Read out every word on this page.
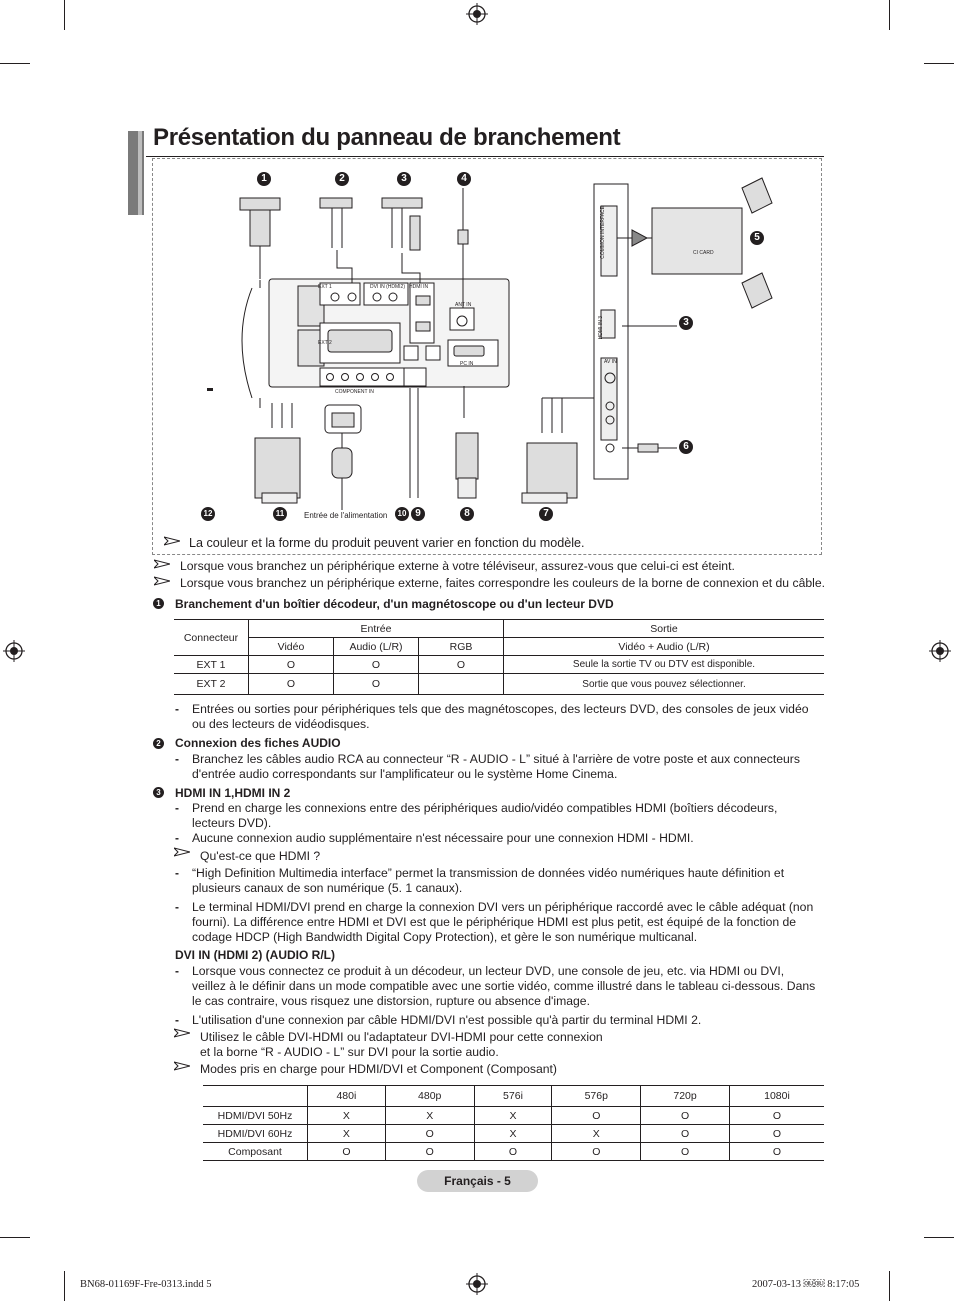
Présentation du panneau de branchement
1	2	3	4
5
3
6
7
8
9
10
11
12
EXT 1	DVI IN (HDMI2) HDMI IN
ANT IN
PC IN
COMPONENT IN
EXT 2
COMMON INTERFACE	CI CARD
HDMI IN 3
AV IN
Entrée de l'alimentation
La couleur et la forme du produit peuvent varier en fonction du modèle.
Lorsque vous branchez un périphérique externe à votre téléviseur, assurez-vous que celui-ci est éteint.
Lorsque vous branchez un périphérique externe, faites correspondre les couleurs de la borne de connexion et du câble.
1 Branchement d'un boîtier décodeur, d'un magnétoscope ou d'un lecteur DVD
Connecteur	Entrée			Sortie
	Vidéo	Audio (L/R)	RGB	Vidéo + Audio (L/R)
EXT 1	O	O	O	Seule la sortie TV ou DTV est disponible.
EXT 2	O	O		Sortie que vous pouvez sélectionner.
- Entrées ou sorties pour périphériques tels que des magnétoscopes, des lecteurs DVD, des consoles de jeux vidéo
ou des lecteurs de vidéodisques.
2 Connexion des fiches AUDIO
- Branchez les câbles audio RCA au connecteur “R - AUDIO - L” situé à l'arrière de votre poste et aux connecteurs
d'entrée audio correspondants sur l'amplificateur ou le système Home Cinema.
3 HDMI IN 1,HDMI IN 2
- Prend en charge les connexions entre des périphériques audio/vidéo compatibles HDMI (boîtiers décodeurs,
lecteurs DVD).
- Aucune connexion audio supplémentaire n'est nécessaire pour une connexion HDMI - HDMI.
Qu'est-ce que HDMI ?
- “High Definition Multimedia interface” permet la transmission de données vidéo numériques haute définition et
plusieurs canaux de son numérique (5. 1 canaux).
- Le terminal HDMI/DVI prend en charge la connexion DVI vers un périphérique raccordé avec le câble adéquat (non
fourni). La différence entre HDMI et DVI est que le périphérique HDMI est plus petit, est équipé de la fonction de
codage HDCP (High Bandwidth Digital Copy Protection), et gère le son numérique multicanal.
DVI IN (HDMI 2) (AUDIO R/L)
- Lorsque vous connectez ce produit à un décodeur, un lecteur DVD, une console de jeu, etc. via HDMI ou DVI,
veillez à le définir dans un mode compatible avec une sortie vidéo, comme illustré dans le tableau ci-dessous. Dans
le cas contraire, vous risquez une distorsion, rupture ou absence d'image.
- L'utilisation d'une connexion par câble HDMI/DVI n'est possible qu'à partir du terminal HDMI 2.
Utilisez le câble DVI-HDMI ou l'adaptateur DVI-HDMI pour cette connexion
et la borne “R - AUDIO - L” sur DVI pour la sortie audio.
Modes pris en charge pour HDMI/DVI et Component (Composant)
	480i	480p	576i	576p	720p	1080i
HDMI/DVI 50Hz	X	X	X	O	O	O
HDMI/DVI 60Hz	X	O	X	X	O	O
Composant	O	O	O	O	O	O
Français - 5
BN68-01169F-Fre-0313.indd 5	2007-03-13 ￼￼ 8:17:05
